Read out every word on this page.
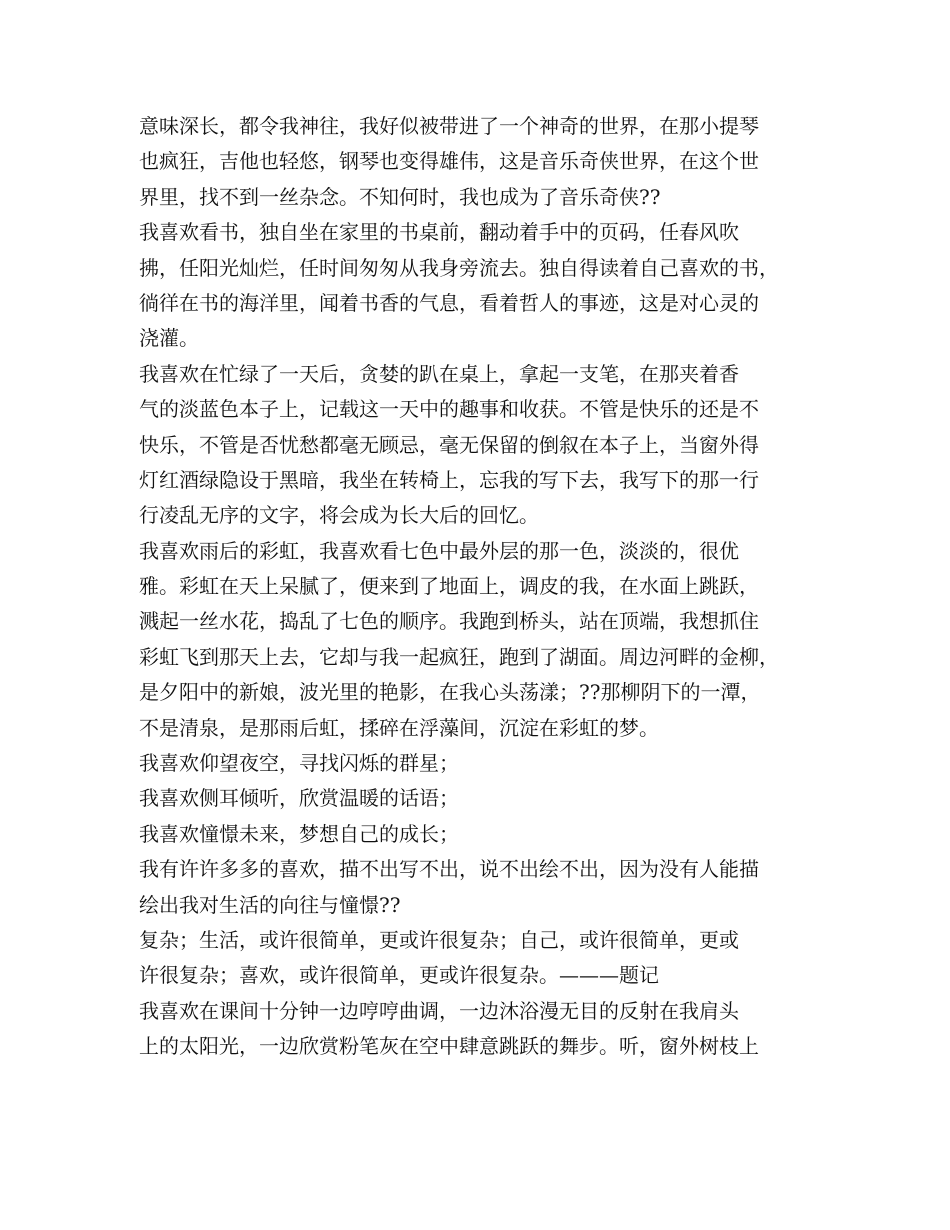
意味深长，都令我神往，我好似被带进了一个神奇的世界，在那小提琴
也疯狂，吉他也轻悠，钢琴也变得雄伟，这是音乐奇侠世界，在这个世
界里，找不到一丝杂念。不知何时，我也成为了音乐奇侠??
我喜欢看书，独自坐在家里的书桌前，翻动着手中的页码，任春风吹
拂，任阳光灿烂，任时间匆匆从我身旁流去。独自得读着自己喜欢的书，
徜徉在书的海洋里，闻着书香的气息，看着哲人的事迹，这是对心灵的
浇灌。
我喜欢在忙绿了一天后，贪婪的趴在桌上，拿起一支笔，在那夹着香
气的淡蓝色本子上，记载这一天中的趣事和收获。不管是快乐的还是不
快乐，不管是否忧愁都毫无顾忌，毫无保留的倒叙在本子上，当窗外得
灯红酒绿隐设于黑暗，我坐在转椅上，忘我的写下去，我写下的那一行
行凌乱无序的文字，将会成为长大后的回忆。
我喜欢雨后的彩虹，我喜欢看七色中最外层的那一色，淡淡的，很优
雅。彩虹在天上呆腻了，便来到了地面上，调皮的我，在水面上跳跃，
溅起一丝水花，捣乱了七色的顺序。我跑到桥头，站在顶端，我想抓住
彩虹飞到那天上去，它却与我一起疯狂，跑到了湖面。周边河畔的金柳，
是夕阳中的新娘，波光里的艳影，在我心头荡漾；??那柳阴下的一潭，
不是清泉，是那雨后虹，揉碎在浮藻间，沉淀在彩虹的梦。
我喜欢仰望夜空，寻找闪烁的群星；
我喜欢侧耳倾听，欣赏温暖的话语；
我喜欢憧憬未来，梦想自己的成长；
我有许许多多的喜欢，描不出写不出，说不出绘不出，因为没有人能描
绘出我对生活的向往与憧憬??
复杂；生活，或许很简单，更或许很复杂；自己，或许很简单，更或
许很复杂；喜欢，或许很简单，更或许很复杂。———题记
我喜欢在课间十分钟一边哼哼曲调，一边沐浴漫无目的反射在我肩头
上的太阳光，一边欣赏粉笔灰在空中肆意跳跃的舞步。听，窗外树枝上
